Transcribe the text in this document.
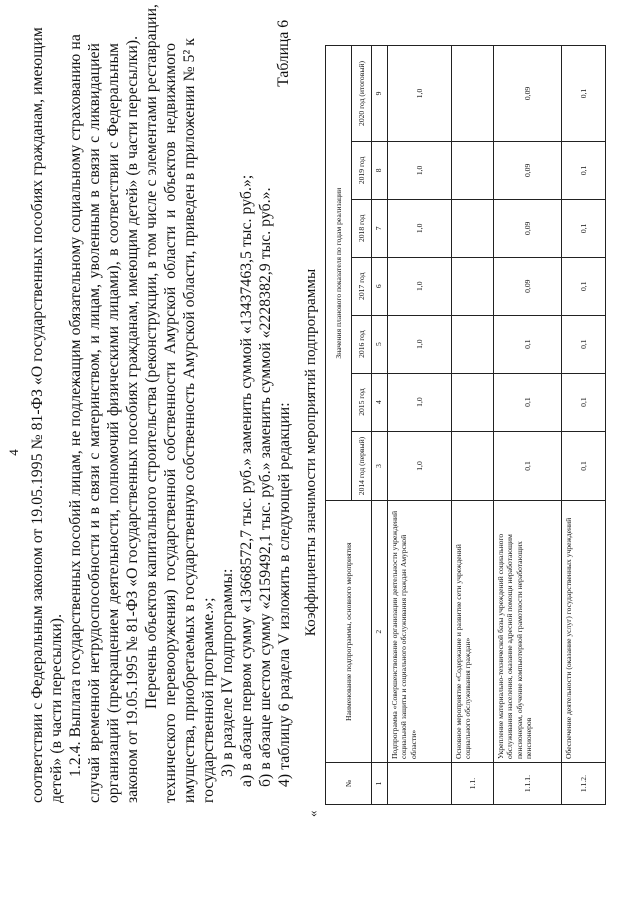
4 соответствии с Федеральным законом от 19.05.1995 № 81-ФЗ «О государственных пособиях гражданам, имеющим детей» (в части пересылки). 1.2.4. Выплата государственных пособий лицам, не подлежащим обязательному социальному страхованию на случай временной нетрудоспособности и в связи с материнством, и лицам, уволенным в связи с ликвидацией организаций (прекращением деятельности, полномочий физическими лицами), в соответствии с Федеральным законом от 19.05.1995 № 81-ФЗ «О государственных пособиях гражданам, имеющим детей» (в части пересылки). Перечень объектов капитального строительства (реконструкции, в том числе с элементами реставрации, технического перевооружения) государственной собственности Амурской области и объектов недвижимого имущества, приобретаемых в государственную собственность Амурской области, приведен в приложении № 5² к государственной программе.»; 3) в разделе IV подпрограммы: а) в абзаце первом сумму «13668572,7 тыс. руб.» заменить суммой «13437463,5 тыс. руб.»; б) в абзаце шестом сумму «2159492,1 тыс. руб.» заменить суммой «2228382,9 тыс. руб.». 4) таблицу 6 раздела V изложить в следующей редакции:
Таблица 6
«
Коэффициенты значимости мероприятий подпрограммы
№	Наименование подпрограммы, основного мероприятия	Значения планового показателя по годам реализации						
		2014 год (первый)	2015 год	2016 год	2017 год	2018 год	2019 год	2020 год (итоговый)
1	2	3	4	5	6	7	8	9
	Подпрограмма «Совершенствование организации деятельности учреждений социальной защиты и социального обслуживания граждан Амурской области»	1,0	1,0	1,0	1,0	1,0	1,0	1,0
1.1.	Основное мероприятие «Содержание и развитие сети учреждений социального обслуживания граждан»							
1.1.1.	Укрепление материально-технической базы учреждений социального обслуживания населения, оказание адресной помощи неработающим пенсионерам, обучение компьютерной грамотности неработающих пенсионеров	0,1	0,1	0,1	0,09	0,09	0,09	0,09
1.1.2.	Обеспечение деятельности (оказание услуг) государственных учреждений	0,1	0,1	0,1	0,1	0,1	0,1	0,1
